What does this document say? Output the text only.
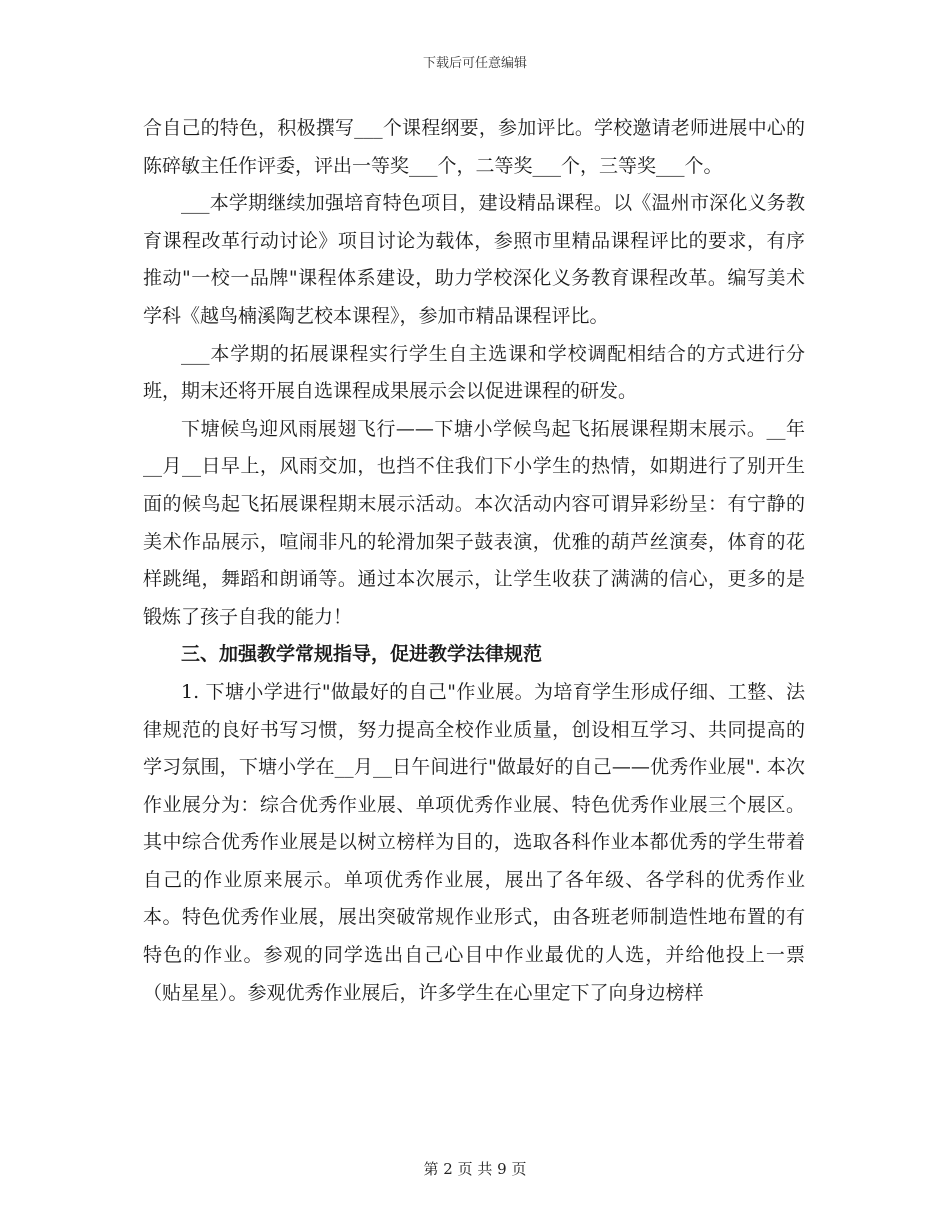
下载后可任意编辑

合自己的特色，积极撰写___个课程纲要，参加评比。学校邀请老师进展中心的陈碎敏主任作评委，评出一等奖___个，二等奖___个，三等奖___个。

___本学期继续加强培育特色项目，建设精品课程。以《温州市深化义务教育课程改革行动讨论》项目讨论为载体，参照市里精品课程评比的要求，有序推动"一校一品牌"课程体系建设，助力学校深化义务教育课程改革。编写美术学科《越鸟楠溪陶艺校本课程》，参加市精品课程评比。

___本学期的拓展课程实行学生自主选课和学校调配相结合的方式进行分班，期末还将开展自选课程成果展示会以促进课程的研发。

下塘候鸟迎风雨展翅飞行——下塘小学候鸟起飞拓展课程期末展示。__年__月__日早上，风雨交加，也挡不住我们下小学生的热情，如期进行了别开生面的候鸟起飞拓展课程期末展示活动。本次活动内容可谓异彩纷呈：有宁静的美术作品展示，喧闹非凡的轮滑加架子鼓表演，优雅的葫芦丝演奏，体育的花样跳绳，舞蹈和朗诵等。通过本次展示，让学生收获了满满的信心，更多的是锻炼了孩子自我的能力！

三、加强教学常规指导，促进教学法律规范

1. 下塘小学进行"做最好的自己"作业展。为培育学生形成仔细、工整、法律规范的良好书写习惯，努力提高全校作业质量，创设相互学习、共同提高的学习氛围，下塘小学在__月__日午间进行"做最好的自己——优秀作业展". 本次作业展分为：综合优秀作业展、单项优秀作业展、特色优秀作业展三个展区。其中综合优秀作业展是以树立榜样为目的，选取各科作业本都优秀的学生带着自己的作业原来展示。单项优秀作业展，展出了各年级、各学科的优秀作业本。特色优秀作业展，展出突破常规作业形式，由各班老师制造性地布置的有特色的作业。参观的同学选出自己心目中作业最优的人选，并给他投上一票（贴星星）。参观优秀作业展后，许多学生在心里定下了向身边榜样

第 2 页 共 9 页
